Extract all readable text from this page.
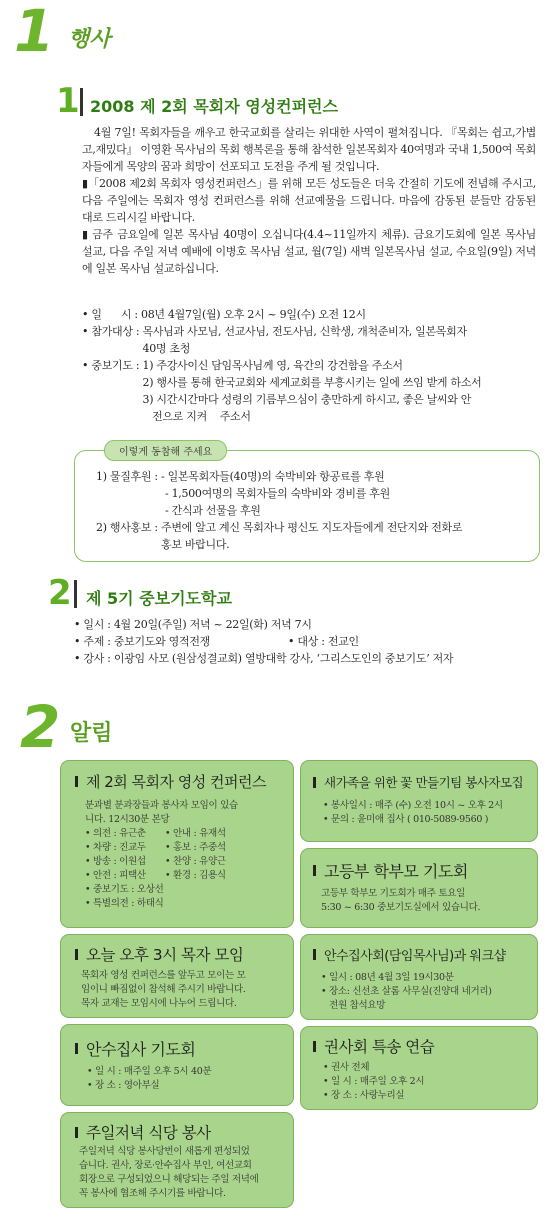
1 행사
1 2008 제 2회 목회자 영성컨퍼런스

4월 7일! 목회자들을 깨우고 한국교회를 살리는 위대한 사역이 펼쳐집니다. 『목회는 쉽고,가볍고,재밌다』 이영환 목사님의 목회 행복론을 통해 참석한 일본목회자 40여명과 국내 1,500여 목회자들에게 목양의 꿈과 희망이 선포되고 도전을 주게 될 것입니다.

▮「2008 제2회 목회자 영성컨퍼런스」를 위해 모든 성도들은 더욱 간절히 기도에 전념해 주시고, 다음 주일에는 목회자 영성 컨퍼런스를 위해 선교예물을 드립니다. 마음에 감동된 분들만 감동된 대로 드리시길 바랍니다.

▮ 금주 금요일에 일본 목사님 40명이 오십니다(4.4~11일까지 체류). 금요기도회에 일본 목사님 설교, 다음 주일 저녁 예배에 이병호 목사님 설교, 월(7일) 새벽 일본목사님 설교, 수요일(9일) 저녁에 일본 목사님 설교하십니다.

• 일      시 : 08년 4월7일(월) 오후 2시 ~ 9일(수) 오전 12시
• 참가대상 : 목사님과 사모님, 선교사님, 전도사님, 신학생, 개척준비자, 일본목회자
40명 초청
• 중보기도 : 1) 주강사이신 담임목사님께 영, 육간의 강건함을 주소서
2) 행사를 통해 한국교회와 세계교회를 부흥시키는 일에 쓰임 받게 하소서
3) 시간시간마다 성령의 기름부으심이 충만하게 하시고, 좋은 날씨와 안
전으로 지켜    주소서
이렇게 동참해 주세요
1) 물질후원 : - 일본목회자들(40명)의 숙박비와 항공료를 후원
- 1,500여명의 목회자들의 숙박비와 경비를 후원
- 간식과 선물을 후원
2) 행사홍보 : 주변에 알고 계신 목회자나 평신도 지도자들에게 전단지와 전화로
홍보 바랍니다.
2 제 5기 중보기도학교
• 일시 : 4월 20일(주일) 저녁 ~ 22일(화) 저녁 7시
• 주제 : 중보기도와 영적전쟁	• 대상 : 전교인
• 강사 : 이광임 사모 (원삼성결교회) 열방대학 강사, ‘그리스도인의 중보기도’ 저자
2 알림
제 2회 목회자 영성 컨퍼런스
분과별 분과장들과 봉사자 모임이 있습
니다. 12시30분 본당
• 의전 : 유근춘	• 안내 : 유재석
• 차량 : 진교두	• 홍보 : 주중석
• 방송 : 이원섭	• 찬양 : 유양근
• 안전 : 피택산	• 환경 : 김용식
• 중보기도 : 오상선
• 특별의전 : 하태식
새가족을 위한 꽃 만들기팀 봉사자모집
• 봉사일시 : 매주 (수) 오전 10시 ~ 오후 2시
• 문의 : 윤미애 집사 ( 010-5089-9560 )
고등부 학부모 기도회
고등부 학부모 기도회가 매주 토요일
5:30 ~ 6:30 중보기도실에서 있습니다.
오늘 오후 3시 목자 모임
목회자 영성 컨퍼런스를 앞두고 모이는 모
임이니 빠짐없이 참석해 주시기 바랍니다.
목자 교재는 모임시에 나누어 드립니다.
안수집사회(담임목사님)과 워크샵
• 일시 : 08년 4월 3일 19시30분
• 장소: 신선초 살롬 사무실(진양대 네거리)
전원 참석요망
안수집사 기도회
• 일 시 : 매주일 오후 5시 40분
• 장 소 : 영아부실
권사회 특송 연습
• 권사 전체
• 일 시 : 매주일 오후 2시
• 장 소 : 사랑누리실
주일저녁 식당 봉사
주일저녁 식당 봉사당번이 새롭게 편성되었
습니다. 권사, 장로·안수집사 부인, 여선교회
회장으로 구성되었으니 해당되는 주일 저녁에
꼭 봉사에 협조해 주시기를 바랍니다.
